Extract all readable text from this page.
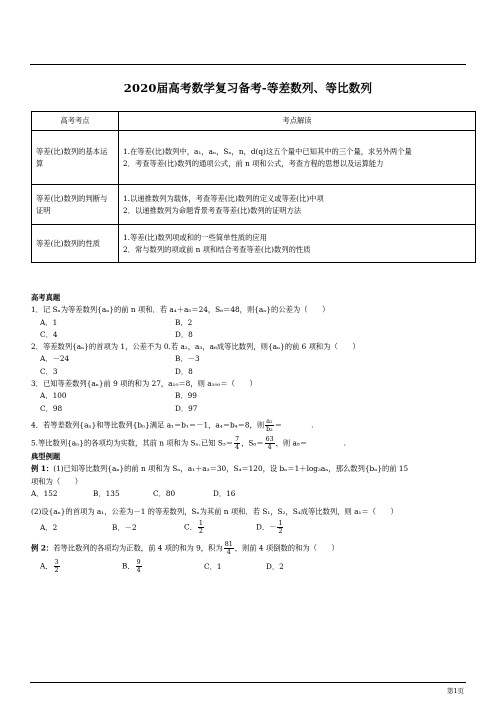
2020届高考数学复习备考-等差数列、等比数列
高考考点	考点解读
等差(比)数列的基本运算	1.在等差(比)数列中，a₁，aₙ，Sₙ，n，d(q)这五个量中已知其中的三个量，求另外两个量
2．考查等差(比)数列的通项公式，前 n 项和公式，考查方程的思想以及运算能力

等差(比)数列的判断与证明	1.以递推数列为载体，考查等差(比)数列的定义或等差(比)中项
2．以递推数列为命题背景考查等差(比)数列的证明方法

等差(比)数列的性质	1.等差(比)数列项或和的一些简单性质的应用
2．常与数列的项或前 n 项和结合考查等差(比)数列的性质
高考真题
1．记 Sₙ为等差数列{aₙ}的前 n 项和．若 a₄＋a₅＝24，S₆＝48，则{aₙ}的公差为（　　）
A．1	B．2
C．4	D．8
2．等差数列{aₙ}的首项为 1，公差不为 0.若 a₂，a₃，a₆成等比数列，则{aₙ}的前 6 项和为（　　）
A．－24	B．－3
C．3	D．8
3．已知等差数列{aₙ}前 9 项的和为 27，a₁₀＝8，则 a₁₀₀＝（　　）
A．100	B．99
C．98	D．97
4．若等差数列{aₙ}和等比数列{bₙ}满足 a₁＝b₁＝－1，a₄＝b₄＝8，则 $\frac{\text{a₂}}{\text{b₂}}$ ＝　　　　.
5.等比数列{aₙ}的各项均为实数，其前 n 项和为 Sₙ.已知 $S_3= \frac{7}{4}$ ，$S_6= \frac{63}{4}$ ，则 a₈＝　　　　　.
典型例题
例 1：(1)已知等比数列{aₙ}的前 n 项和为 Sₙ，a₁＋a₃＝30，S₄＝120，设 bₙ＝1＋log₃aₙ，那么数列{bₙ}的前 15
项和为（　　）
A．152	B．135	C．80	D．16
(2)设{aₙ}的首项为 a₁，公差为－1 的等差数列，Sₙ为其前 n 项和．若 S₁，S₂，S₄成等比数列，则 a₁＝（　　）
A．2	B．－2	C． $\frac{1}{2}$	D．－ $\frac{1}{2}$
例 2：若等比数列的各项均为正数，前 4 项的和为 9，积为 $\frac{81}{4}$ ，则前 4 项倒数的和为（　　）
A． $\frac{3}{2}$	B． $\frac{9}{4}$	C．1	D．2
第1页
